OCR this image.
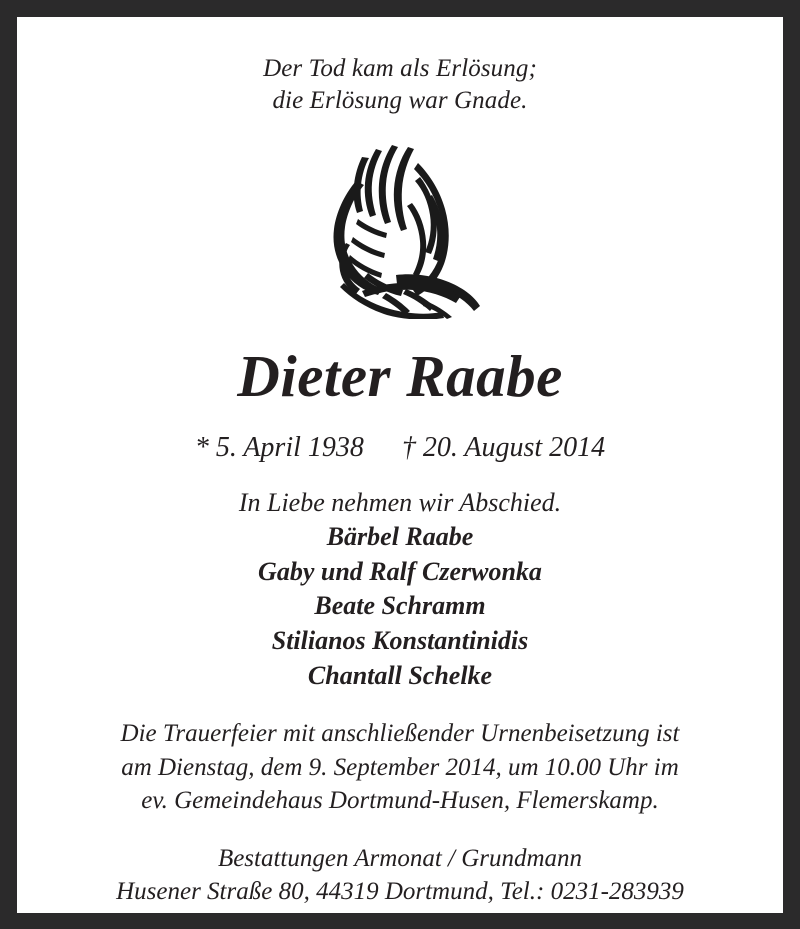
Der Tod kam als Erlösung;
die Erlösung war Gnade.
Dieter Raabe
* 5. April 1938 † 20. August 2014
In Liebe nehmen wir Abschied.
Bärbel Raabe
Gaby und Ralf Czerwonka
Beate Schramm
Stilianos Konstantinidis
Chantall Schelke
Die Trauerfeier mit anschließender Urnenbeisetzung ist
am Dienstag, dem 9. September 2014, um 10.00 Uhr im
ev. Gemeindehaus Dortmund-Husen, Flemerskamp.
Bestattungen Armonat / Grundmann
Husener Straße 80, 44319 Dortmund, Tel.: 0231-283939
